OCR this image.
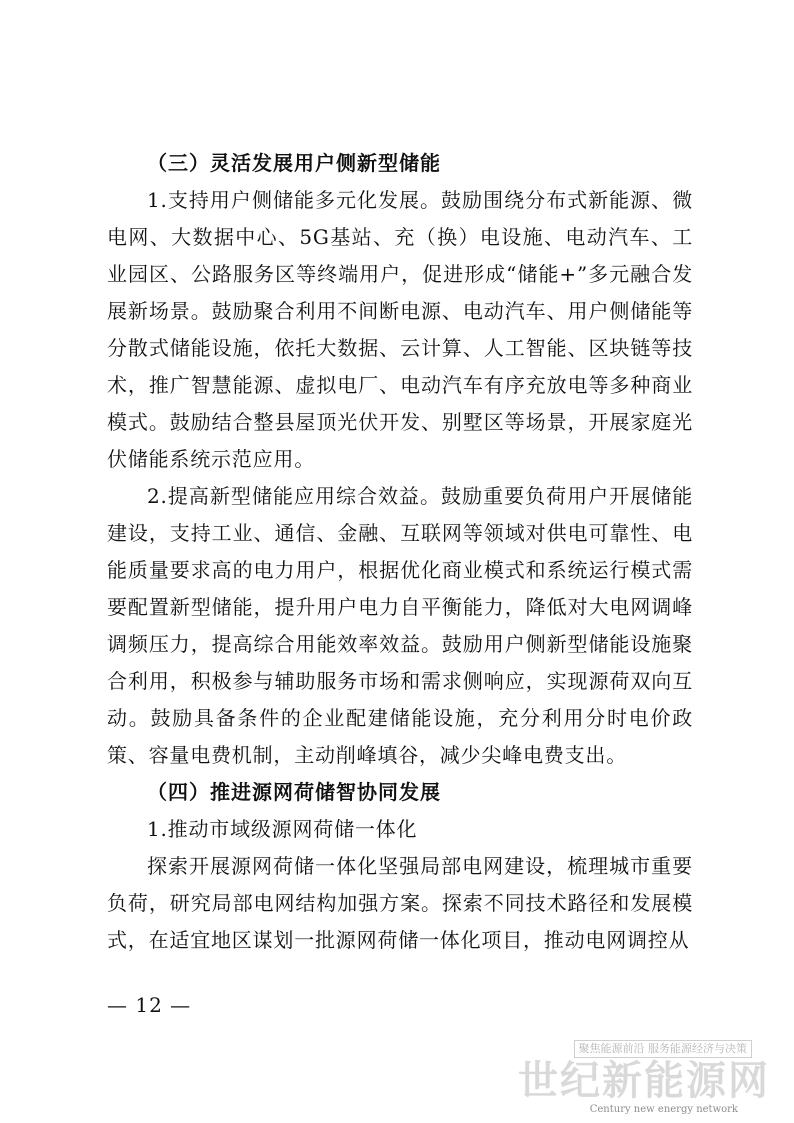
（三）灵活发展用户侧新型储能

1.支持用户侧储能多元化发展。鼓励围绕分布式新能源、微电网、大数据中心、5G基站、充（换）电设施、电动汽车、工业园区、公路服务区等终端用户，促进形成“储能+”多元融合发展新场景。鼓励聚合利用不间断电源、电动汽车、用户侧储能等分散式储能设施，依托大数据、云计算、人工智能、区块链等技术，推广智慧能源、虚拟电厂、电动汽车有序充放电等多种商业模式。鼓励结合整县屋顶光伏开发、别墅区等场景，开展家庭光伏储能系统示范应用。

2.提高新型储能应用综合效益。鼓励重要负荷用户开展储能建设，支持工业、通信、金融、互联网等领域对供电可靠性、电能质量要求高的电力用户，根据优化商业模式和系统运行模式需要配置新型储能，提升用户电力自平衡能力，降低对大电网调峰调频压力，提高综合用能效率效益。鼓励用户侧新型储能设施聚合利用，积极参与辅助服务市场和需求侧响应，实现源荷双向互动。鼓励具备条件的企业配建储能设施，充分利用分时电价政策、容量电费机制，主动削峰填谷，减少尖峰电费支出。

（四）推进源网荷储智协同发展

1.推动市域级源网荷储一体化

探索开展源网荷储一体化坚强局部电网建设，梳理城市重要负荷，研究局部电网结构加强方案。探索不同技术路径和发展模式，在适宜地区谋划一批源网荷储一体化项目，推动电网调控从

— 12 —
聚焦能源前沿 服务能源经济与决策
世纪新能源网
Century new energy network
